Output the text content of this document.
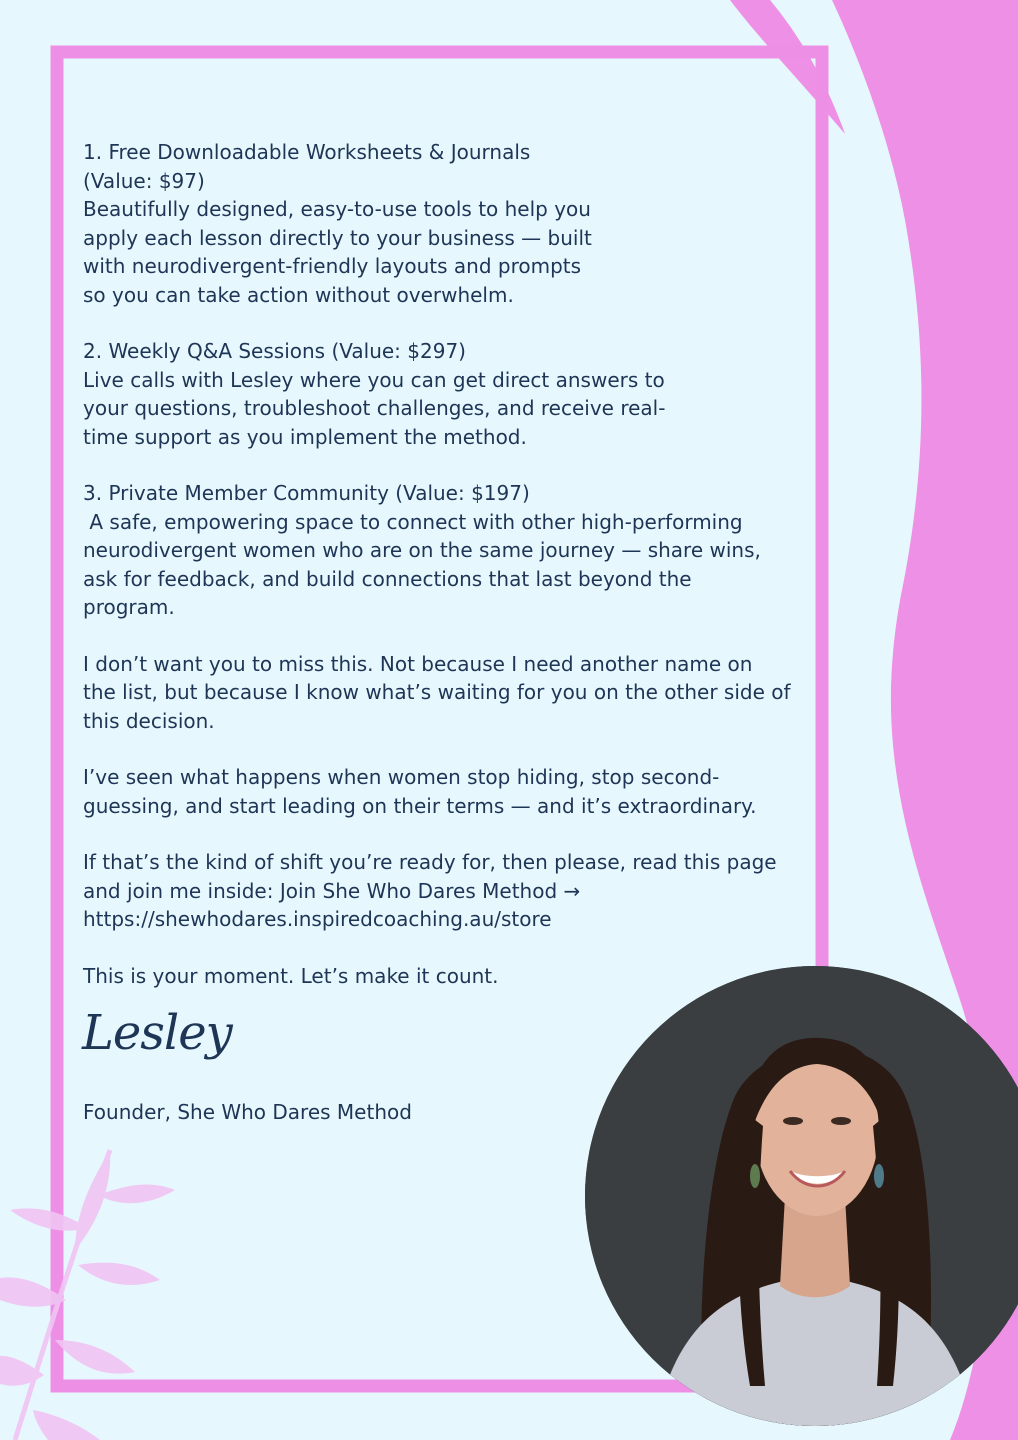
1. Free Downloadable Worksheets & Journals
(Value: $97)
Beautifully designed, easy-to-use tools to help you
apply each lesson directly to your business — built
with neurodivergent-friendly layouts and prompts
so you can take action without overwhelm.
2. Weekly Q&A Sessions (Value: $297)
Live calls with Lesley where you can get direct answers to
your questions, troubleshoot challenges, and receive real-
time support as you implement the method.
3. Private Member Community (Value: $197)
A safe, empowering space to connect with other high-performing
neurodivergent women who are on the same journey — share wins,
ask for feedback, and build connections that last beyond the
program.
I don’t want you to miss this. Not because I need another name on
the list, but because I know what’s waiting for you on the other side of
this decision.
I’ve seen what happens when women stop hiding, stop second-
guessing, and start leading on their terms — and it’s extraordinary.
If that’s the kind of shift you’re ready for, then please, read this page
and join me inside: Join She Who Dares Method →
https://shewhodares.inspiredcoaching.au/store
This is your moment. Let’s make it count.
Lesley
Founder, She Who Dares Method
